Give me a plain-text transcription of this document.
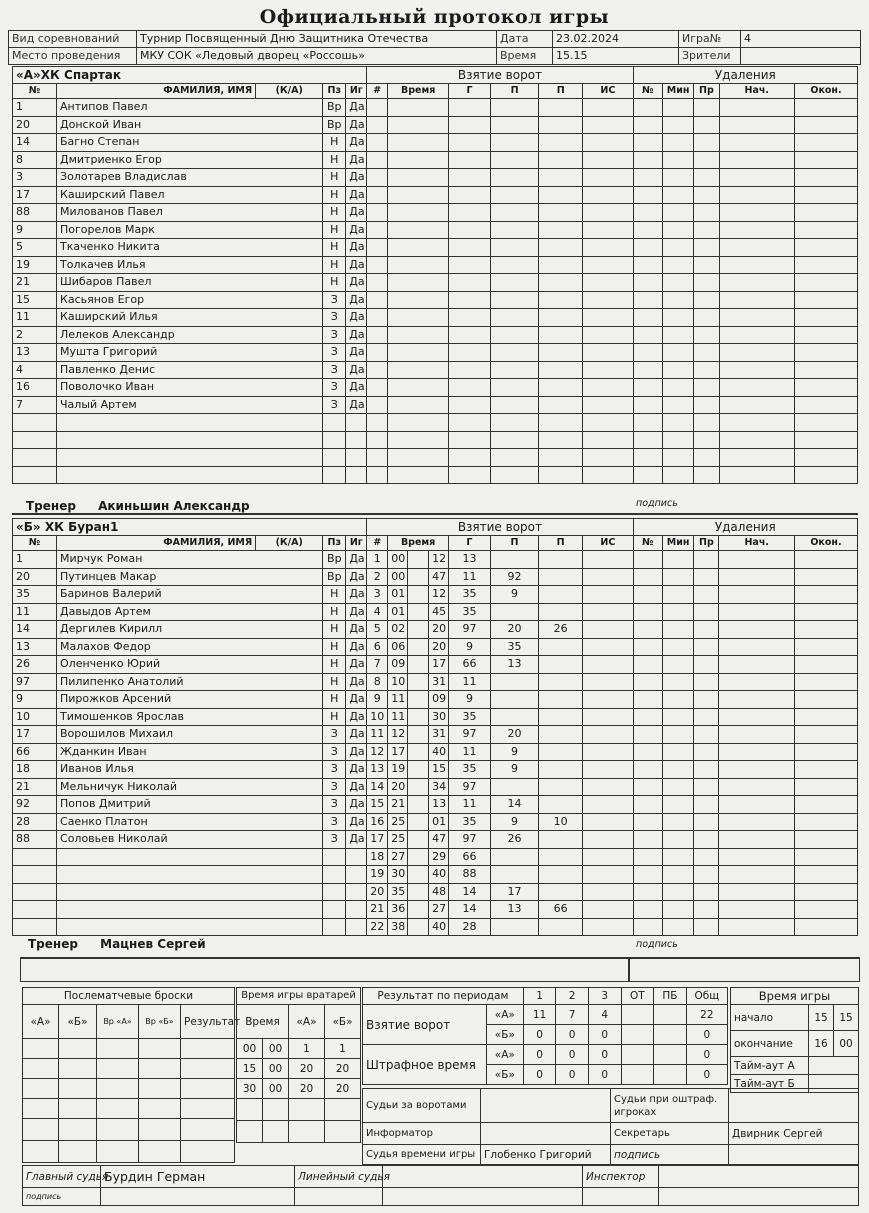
Официальный протокол игры
Вид соревнований	Турнир Посвященный Дню Защитника Отечества	Дата	23.02.2024	Игра№	4
Место проведения	МКУ СОК «Ледовый дворец «Россошь»	Время	15.15	Зрители	
«А»ХК Спартак					Взятие ворот						Удаления				
№	ФАМИЛИЯ, ИМЯ	(К/А)	Пз	Иг	#	Время	Г	П	П	ИС	№	Мин	Пр	Нач.	Окон.
1	Антипов Павел		Вр	Да											
20	Донской Иван		Вр	Да											
14	Багно Степан		Н	Да											
8	Дмитриенко Егор		Н	Да											
3	Золотарев Владислав		Н	Да											
17	Каширский Павел		Н	Да											
88	Милованов Павел		Н	Да											
9	Погорелов Марк		Н	Да											
5	Ткаченко Никита		Н	Да											
19	Толкачев Илья		Н	Да											
21	Шибаров Павел		Н	Да											
15	Касьянов Егор		З	Да											
11	Каширский Илья		З	Да											
2	Лелеков Александр		З	Да											
13	Мушта Григорий		З	Да											
4	Павленко Денис		З	Да											
16	Поволочко Иван		З	Да											
7	Чалый Артем		З	Да											

Тренер Акиньшин Александр	подпись
«Б» ХК Буран1					Взятие ворот								Удаления				
№	ФАМИЛИЯ, ИМЯ	(К/А)	Пз	Иг	#	Время			Г	П	П	ИС	№	Мин	Пр	Нач.	Окон.
1	Мирчук Роман		Вр	Да	1	00		12	13								
20	Путинцев Макар		Вр	Да	2	00		47	11	92							
35	Баринов Валерий		Н	Да	3	01		12	35	9							
11	Давыдов Артем		Н	Да	4	01		45	35								
14	Дергилев Кирилл		Н	Да	5	02		20	97	20	26						
13	Малахов Федор		Н	Да	6	06		20	9	35							
26	Оленченко Юрий		Н	Да	7	09		17	66	13							
97	Пилипенко Анатолий		Н	Да	8	10		31	11								
9	Пирожков Арсений		Н	Да	9	11		09	9								
10	Тимошенков Ярослав		Н	Да	10	11		30	35								
17	Ворошилов Михаил		З	Да	11	12		31	97	20							
66	Жданкин Иван		З	Да	12	17		40	11	9							
18	Иванов Илья		З	Да	13	19		15	35	9							
21	Мельничук Николай		З	Да	14	20		34	97								
92	Попов Дмитрий		З	Да	15	21		13	11	14							
28	Саенко Платон		З	Да	16	25		01	35	9	10						
88	Соловьев Николай		З	Да	17	25		47	97	26							
					18	27		29	66								
					19	30		40	88								
					20	35		48	14	17							
					21	36		27	14	13	66						
					22	38		40	28								
Тренер Мацнев Сергей	подпись
Послематчевые броски				
«А»	«Б»	Вр «А»	Вр «Б»	Результат

Время игры вратарей			
Время		«А»	«Б»
00	00	1	1
15	00	20	20
30	00	20	20

Результат по периодам		1	2	3	ОТ	ПБ	Общ
Взятие ворот	«А»	11	7	4			22
	«Б»	0	0	0			0
Штрафное время	«А»	0	0	0			0
	«Б»	0	0	0			0
Время игры		
начало	15	15
окончание	16	00
Тайм-аут А		
Тайм-аут Б		
Судьи за воротами		Судьи при оштраф. игроках	
Информатор		Секретарь	Двирник Сергей
Судья времени игры	Глобенко Григорий	подпись	
Главный судья	Бурдин Герман	Линейный судья		Инспектор	
подпись					
